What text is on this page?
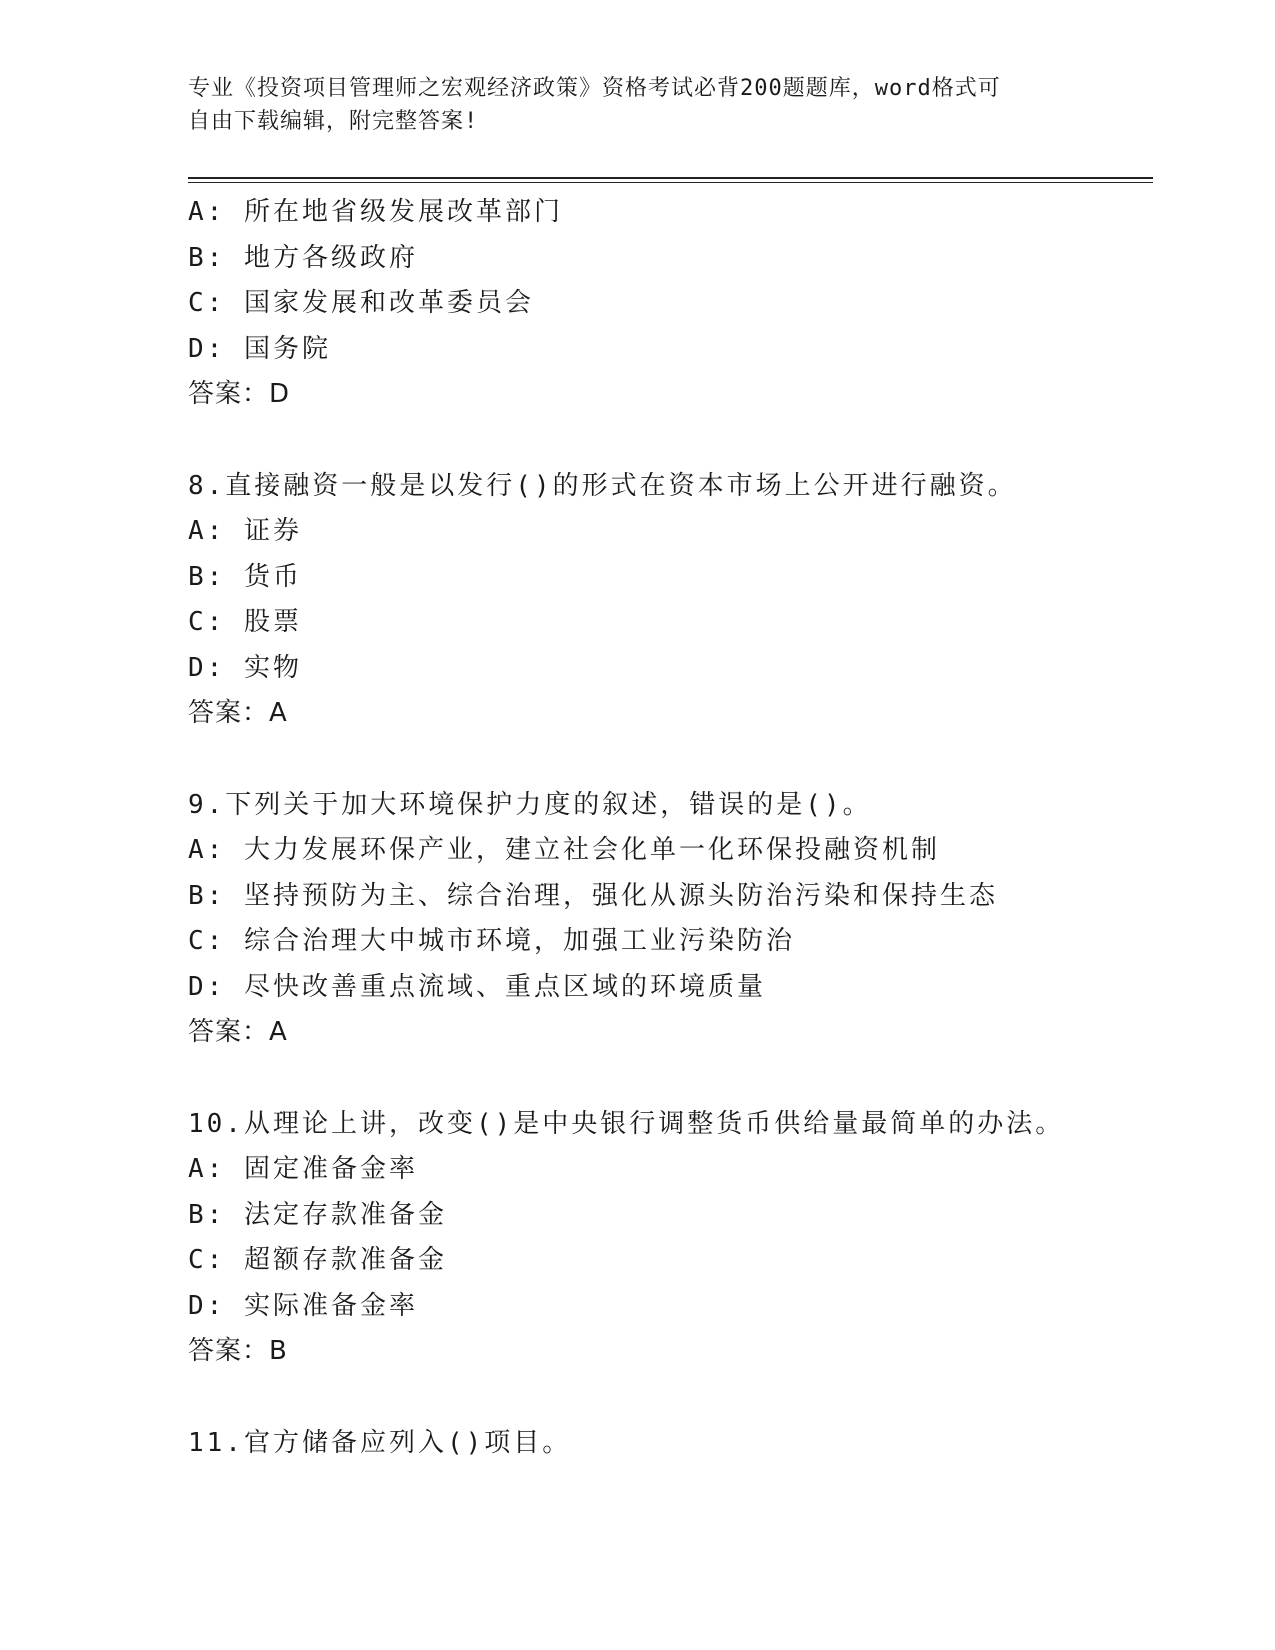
专业《投资项目管理师之宏观经济政策》资格考试必背200题题库，word格式可
自由下载编辑，附完整答案!
A: 所在地省级发展改革部门
B: 地方各级政府
C: 国家发展和改革委员会
D: 国务院
答案：D
8.直接融资一般是以发行()的形式在资本市场上公开进行融资。
A: 证券
B: 货币
C: 股票
D: 实物
答案：A
9.下列关于加大环境保护力度的叙述，错误的是()。
A: 大力发展环保产业，建立社会化单一化环保投融资机制
B: 坚持预防为主、综合治理，强化从源头防治污染和保持生态
C: 综合治理大中城市环境，加强工业污染防治
D: 尽快改善重点流域、重点区域的环境质量
答案：A
10.从理论上讲，改变()是中央银行调整货币供给量最简单的办法。
A: 固定准备金率
B: 法定存款准备金
C: 超额存款准备金
D: 实际准备金率
答案：B
11.官方储备应列入()项目。
